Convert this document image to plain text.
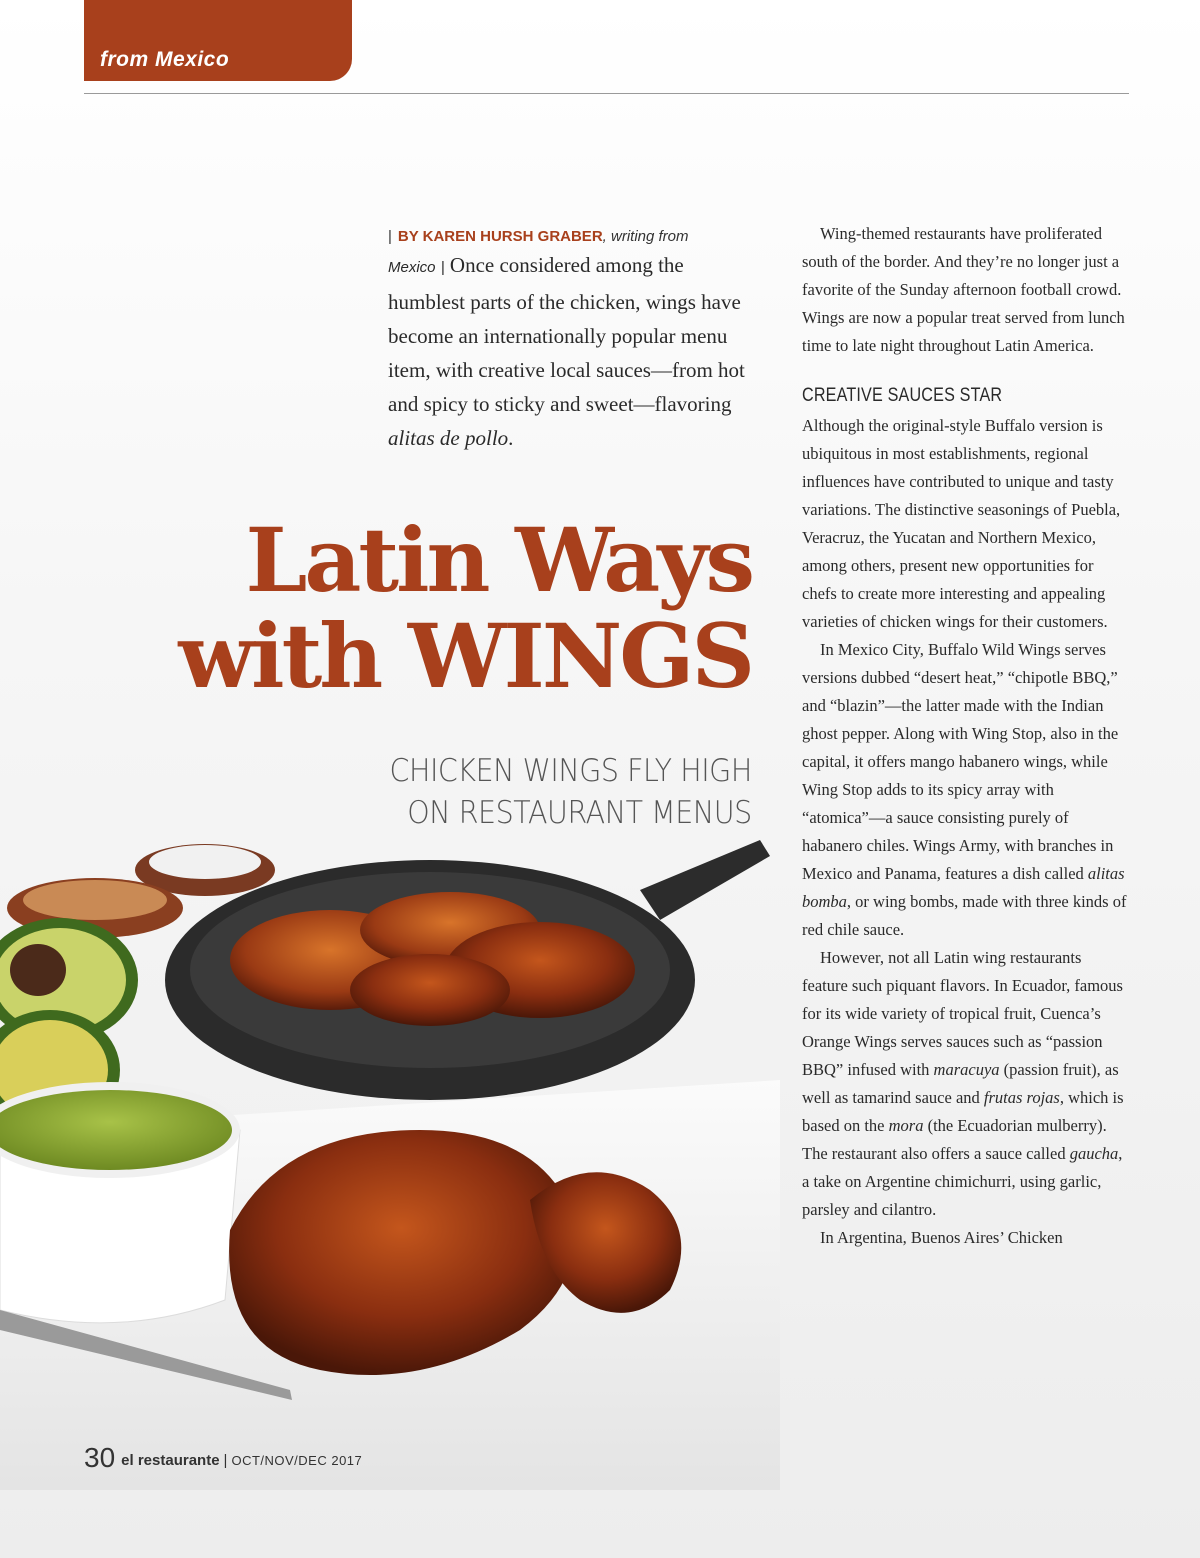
from Mexico
| BY KAREN HURSH GRABER, writing from
Mexico | Once considered among the humblest parts of the chicken, wings have become an internationally popular menu item, with creative local sauces—from hot and spicy to sticky and sweet—flavoring alitas de pollo.
Latin Ways
with WINGS
CHICKEN WINGS FLY HIGH
ON RESTAURANT MENUS

Wing-themed restaurants have proliferated south of the border. And they’re no longer just a favorite of the Sunday afternoon football crowd. Wings are now a popular treat served from lunch time to late night throughout Latin America.

CREATIVE SAUCES STAR

Although the original-style Buffalo version is ubiquitous in most establishments, regional influences have contributed to unique and tasty variations. The distinctive seasonings of Puebla, Veracruz, the Yucatan and Northern Mexico, among others, present new opportunities for chefs to create more interesting and appealing varieties of chicken wings for their customers.

In Mexico City, Buffalo Wild Wings serves versions dubbed “desert heat,” “chipotle BBQ,” and “blazin”—the latter made with the Indian ghost pepper. Along with Wing Stop, also in the capital, it offers mango habanero wings, while Wing Stop adds to its spicy array with “atomica”—a sauce consisting purely of habanero chiles. Wings Army, with branches in Mexico and Panama, features a dish called alitas bomba, or wing bombs, made with three kinds of red chile sauce.

However, not all Latin wing restaurants feature such piquant flavors. In Ecuador, famous for its wide variety of tropical fruit, Cuenca’s Orange Wings serves sauces such as “passion BBQ” infused with maracuya (passion fruit), as well as tamarind sauce and frutas rojas, which is based on the mora (the Ecuadorian mulberry). The restaurant also offers a sauce called gaucha, a take on Argentine chimichurri, using garlic, parsley and cilantro.

In Argentina, Buenos Aires’ Chicken

30 el restaurante | OCT/NOV/DEC 2017
